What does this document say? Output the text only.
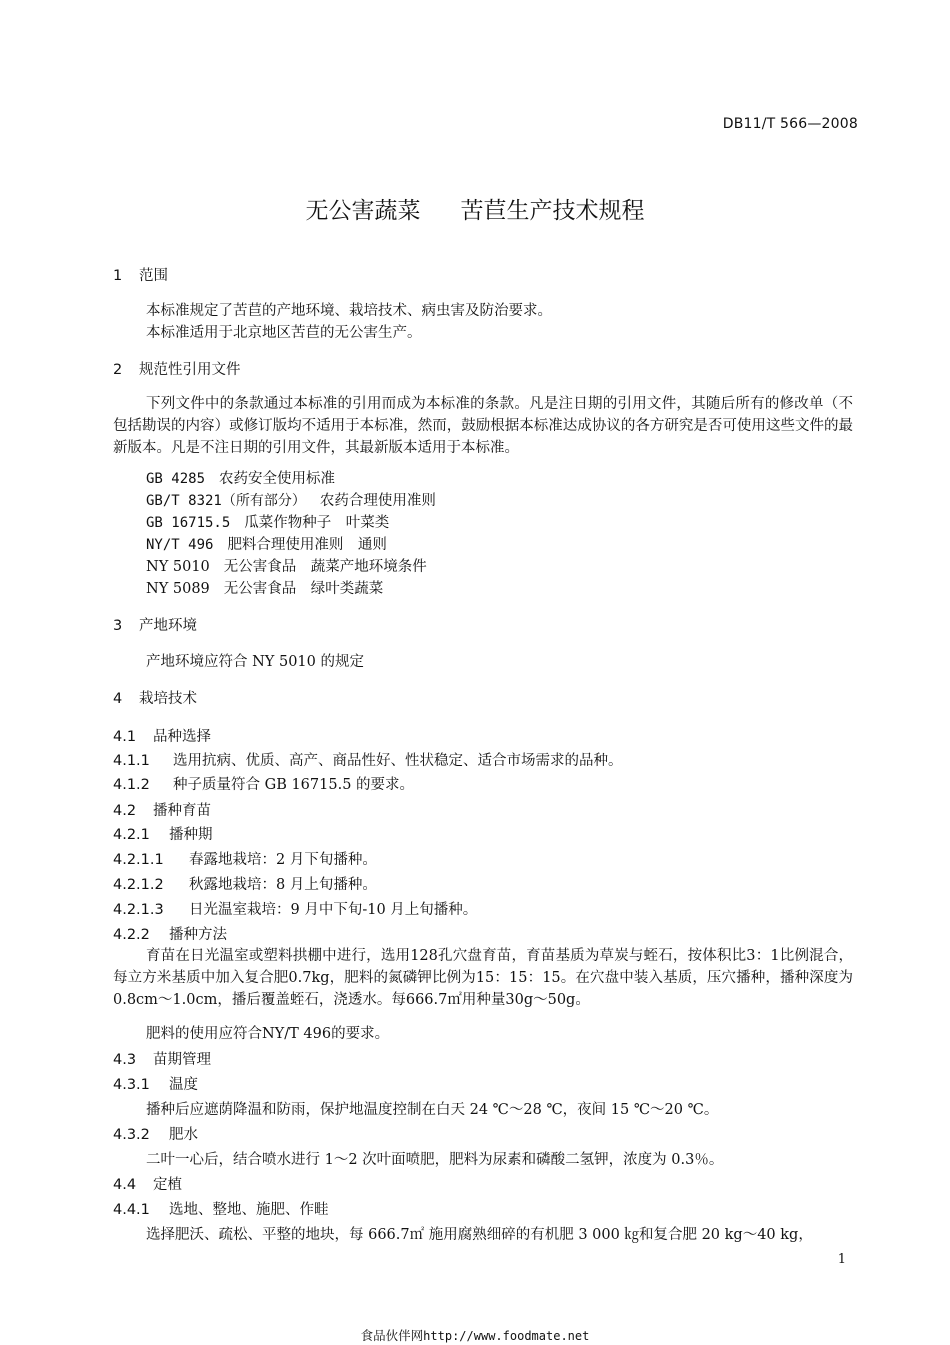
DB11/T 566—2008
无公害蔬菜 苦苣生产技术规程
1 范围
本标准规定了苦苣的产地环境、栽培技术、病虫害及防治要求。
本标准适用于北京地区苦苣的无公害生产。
2 规范性引用文件
下列文件中的条款通过本标准的引用而成为本标准的条款。凡是注日期的引用文件，其随后所有的修改单（不包括勘误的内容）或修订版均不适用于本标准，然而，鼓励根据本标准达成协议的各方研究是否可使用这些文件的最新版本。凡是不注日期的引用文件，其最新版本适用于本标准。
GB 4285 农药安全使用标准
GB/T 8321（所有部分） 农药合理使用准则
GB 16715.5 瓜菜作物种子　叶菜类
NY/T 496 肥料合理使用准则　通则
NY 5010 无公害食品　蔬菜产地环境条件
NY 5089 无公害食品　绿叶类蔬菜
3 产地环境
产地环境应符合 NY 5010 的规定
4 栽培技术
4.1 品种选择
4.1.1 选用抗病、优质、高产、商品性好、性状稳定、适合市场需求的品种。
4.1.2 种子质量符合 GB 16715.5 的要求。
4.2 播种育苗
4.2.1 播种期
4.2.1.1 春露地栽培：2 月下旬播种。
4.2.1.2 秋露地栽培：8 月上旬播种。
4.2.1.3 日光温室栽培：9 月中下旬-10 月上旬播种。
4.2.2 播种方法
育苗在日光温室或塑料拱棚中进行，选用128孔穴盘育苗，育苗基质为草炭与蛭石，按体积比3：1比例混合，每立方米基质中加入复合肥0.7kg，肥料的氮磷钾比例为15：15：15。在穴盘中装入基质，压穴播种，播种深度为0.8cm～1.0cm，播后覆盖蛭石，浇透水。每666.7㎡用种量30g～50g。
肥料的使用应符合NY/T 496的要求。
4.3 苗期管理
4.3.1 温度
播种后应遮荫降温和防雨，保护地温度控制在白天 24 ℃～28 ℃，夜间 15 ℃～20 ℃。
4.3.2 肥水
二叶一心后，结合喷水进行 1～2 次叶面喷肥，肥料为尿素和磷酸二氢钾，浓度为 0.3％。
4.4 定植
4.4.1 选地、整地、施肥、作畦
选择肥沃、疏松、平整的地块，每 666.7㎡ 施用腐熟细碎的有机肥 3 000 ㎏和复合肥 20 kg～40 kg，
1
食品伙伴网http://www.foodmate.net
